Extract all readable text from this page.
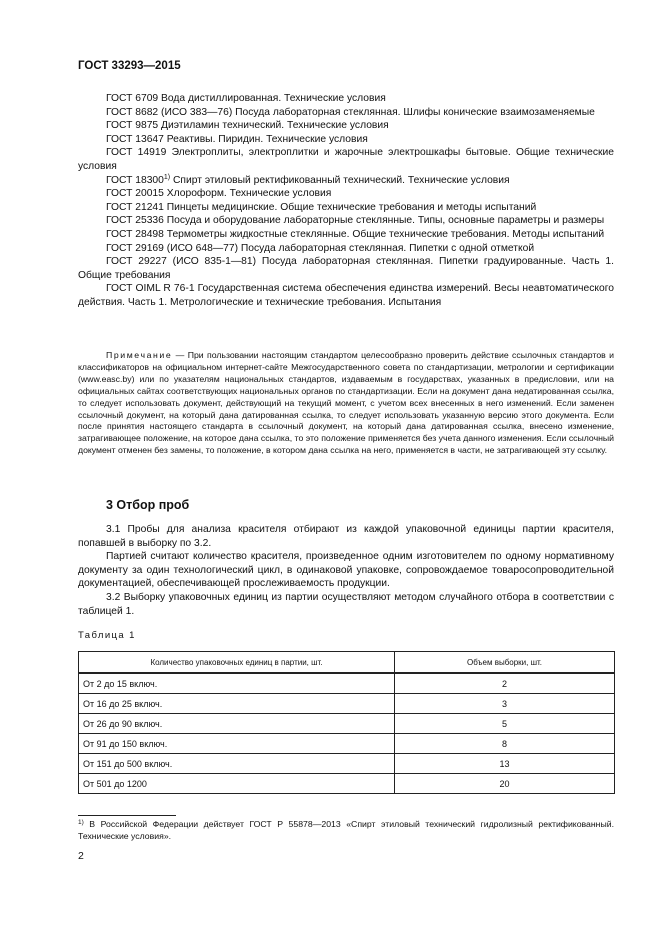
ГОСТ 33293—2015

ГОСТ 6709 Вода дистиллированная. Технические условия

ГОСТ 8682 (ИСО 383—76) Посуда лабораторная стеклянная. Шлифы конические взаимозаменяемые

ГОСТ 9875 Диэтиламин технический. Технические условия

ГОСТ 13647 Реактивы. Пиридин. Технические условия

ГОСТ 14919 Электроплиты, электроплитки и жарочные электрошкафы бытовые. Общие технические условия

ГОСТ 18300$^{1)}$ Спирт этиловый ректификованный технический. Технические условия

ГОСТ 20015 Хлороформ. Технические условия

ГОСТ 21241 Пинцеты медицинские. Общие технические требования и методы испытаний

ГОСТ 25336 Посуда и оборудование лабораторные стеклянные. Типы, основные параметры и размеры

ГОСТ 28498 Термометры жидкостные стеклянные. Общие технические требования. Методы испытаний

ГОСТ 29169 (ИСО 648—77) Посуда лабораторная стеклянная. Пипетки с одной отметкой

ГОСТ 29227 (ИСО 835-1—81) Посуда лабораторная стеклянная. Пипетки градуированные. Часть 1. Общие требования

ГОСТ OIML R 76-1 Государственная система обеспечения единства измерений. Весы неавтоматического действия. Часть 1. Метрологические и технические требования. Испытания

Примечание — При пользовании настоящим стандартом целесообразно проверить действие ссылочных стандартов и классификаторов на официальном интернет-сайте Межгосударственного совета по стандартизации, метрологии и сертификации (www.easc.by) или по указателям национальных стандартов, издаваемым в государствах, указанных в предисловии, или на официальных сайтах соответствующих национальных органов по стандартизации. Если на документ дана недатированная ссылка, то следует использовать документ, действующий на текущий момент, с учетом всех внесенных в него изменений. Если заменен ссылочный документ, на который дана датированная ссылка, то следует использовать указанную версию этого документа. Если после принятия настоящего стандарта в ссылочный документ, на который дана датированная ссылка, внесено изменение, затрагивающее положение, на которое дана ссылка, то это положение применяется без учета данного изменения. Если ссылочный документ отменен без замены, то положение, в котором дана ссылка на него, применяется в части, не затрагивающей эту ссылку.
3 Отбор проб

3.1 Пробы для анализа красителя отбирают из каждой упаковочной единицы партии красителя, попавшей в выборку по 3.2.

Партией считают количество красителя, произведенное одним изготовителем по одному нормативному документу за один технологический цикл, в одинаковой упаковке, сопровождаемое товаросопроводительной документацией, обеспечивающей прослеживаемость продукции.

3.2 Выборку упаковочных единиц из партии осуществляют методом случайного отбора в соответствии с таблицей 1.

Таблица 1
Количество упаковочных единиц в партии, шт.	Объем выборки, шт.
От 2 до 15 включ.	2
От 16 до 25 включ.	3
От 26 до 90 включ.	5
От 91 до 150 включ.	8
От 151 до 500 включ.	13
От 501 до 1200	20
$^{1)}$ В Российской Федерации действует ГОСТ Р 55878—2013 «Спирт этиловый технический гидролизный ректификованный. Технические условия».
2
